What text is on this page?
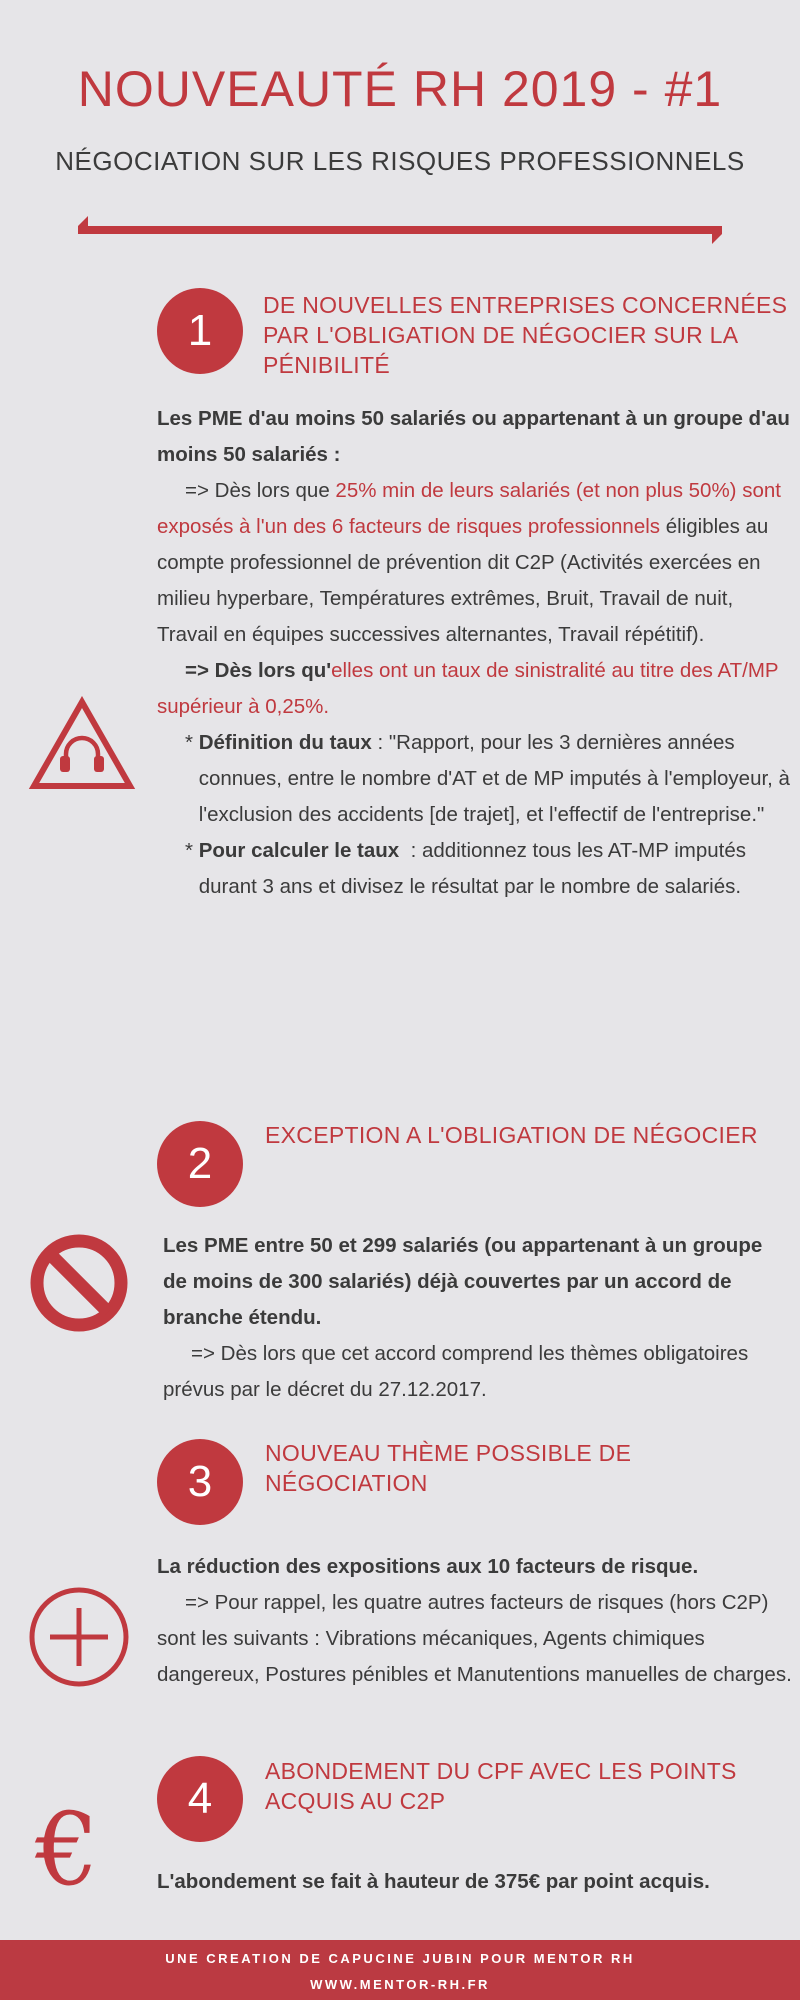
NOUVEAUTÉ RH 2019 - #1
NÉGOCIATION SUR LES RISQUES PROFESSIONNELS
1
DE NOUVELLES ENTREPRISES CONCERNÉES PAR L'OBLIGATION DE NÉGOCIER SUR LA PÉNIBILITÉ

Les PME d'au moins 50 salariés ou appartenant à un groupe d'au moins 50 salariés :

=> Dès lors que 25% min de leurs salariés (et non plus 50%) sont exposés à l'un des 6 facteurs de risques professionnels éligibles au compte professionnel de prévention dit C2P (Activités exercées en milieu hyperbare, Températures extrêmes, Bruit, Travail de nuit, Travail en équipes successives alternantes, Travail répétitif).

=> Dès lors qu'elles ont un taux de sinistralité au titre des AT/MP supérieur à 0,25%.

* Définition du taux : "Rapport, pour les 3 dernières années connues, entre le nombre d'AT et de MP imputés à l'employeur, à l'exclusion des accidents [de trajet], et l'effectif de l'entreprise."
* Pour calculer le taux  : additionnez tous les AT-MP imputés durant 3 ans et divisez le résultat par le nombre de salariés.
2
EXCEPTION A L'OBLIGATION DE NÉGOCIER

Les PME entre 50 et 299 salariés (ou appartenant à un groupe de moins de 300 salariés) déjà couvertes par un accord de branche étendu.

=> Dès lors que cet accord comprend les thèmes obligatoires prévus par le décret du 27.12.2017.

3
NOUVEAU THÈME POSSIBLE DE NÉGOCIATION

La réduction des expositions aux 10 facteurs de risque.

=> Pour rappel, les quatre autres facteurs de risques (hors C2P) sont les suivants : Vibrations mécaniques, Agents chimiques dangereux, Postures pénibles et Manutentions manuelles de charges.

4
ABONDEMENT DU CPF AVEC LES POINTS ACQUIS AU C2P
€	L'abondement se fait à hauteur de 375€ par point acquis.

UNE CREATION DE CAPUCINE JUBIN POUR MENTOR RH
WWW.MENTOR-RH.FR
